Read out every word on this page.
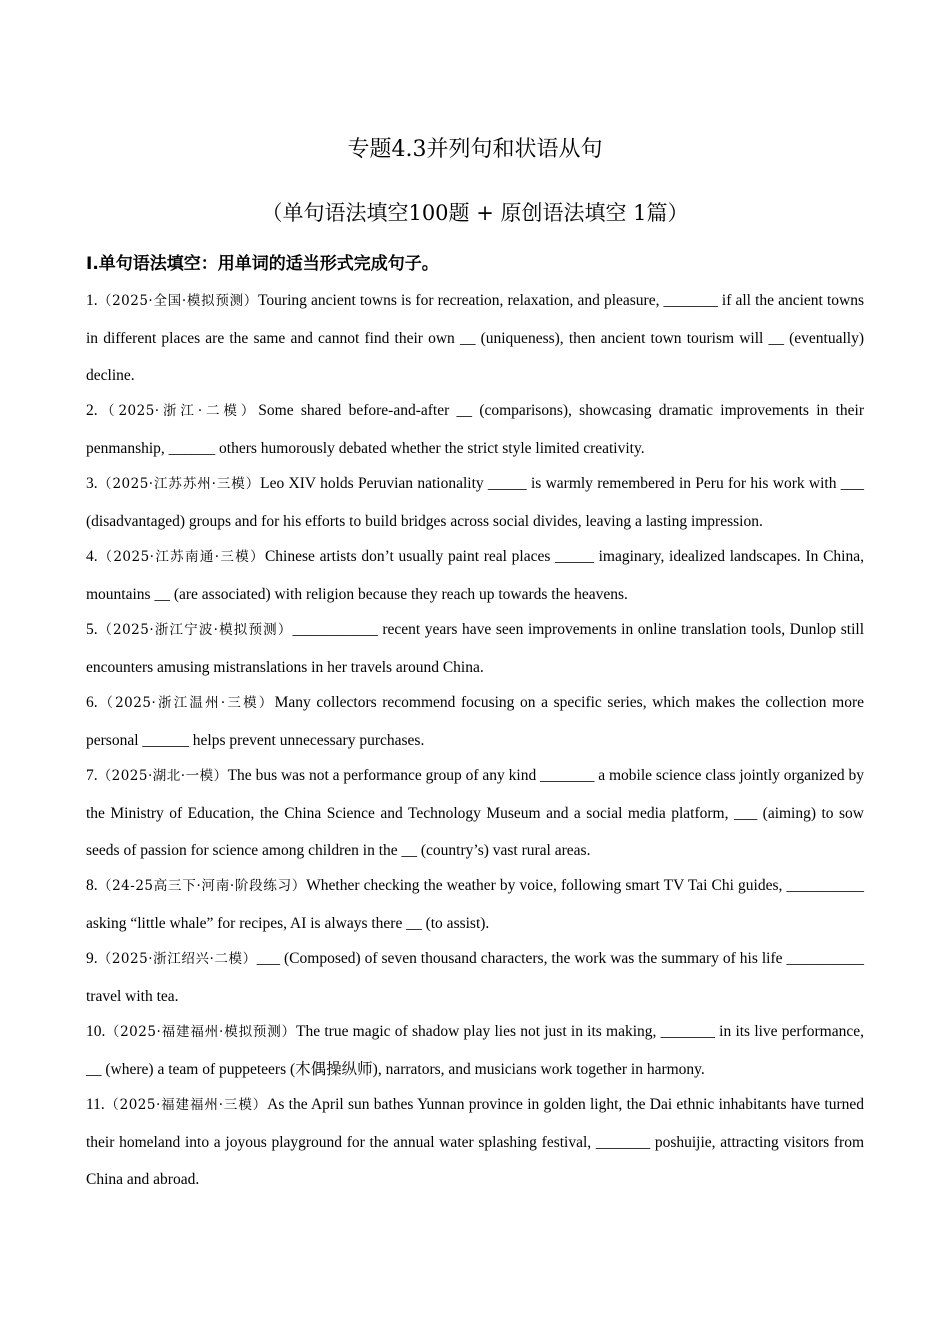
专题4.3并列句和状语从句
（单句语法填空100题 + 原创语法填空 1篇）
I.单句语法填空：用单词的适当形式完成句子。

1.（2025·全国·模拟预测）Touring ancient towns is for recreation, relaxation, and pleasure, _______ if all the ancient towns in different places are the same and cannot find their own __ (uniqueness), then ancient town tourism will __ (eventually) decline.

2.（2025·浙江·二模）Some shared before-and-after __ (comparisons), showcasing dramatic improvements in their penmanship, ______ others humorously debated whether the strict style limited creativity.

3.（2025·江苏苏州·三模）Leo XIV holds Peruvian nationality _____ is warmly remembered in Peru for his work with ___ (disadvantaged) groups and for his efforts to build bridges across social divides, leaving a lasting impression.

4.（2025·江苏南通·三模）Chinese artists don’t usually paint real places _____ imaginary, idealized landscapes. In China, mountains __ (are associated) with religion because they reach up towards the heavens.

5.（2025·浙江宁波·模拟预测）___________ recent years have seen improvements in online translation tools, Dunlop still encounters amusing mistranslations in her travels around China.

6.（2025·浙江温州·三模）Many collectors recommend focusing on a specific series, which makes the collection more personal ______ helps prevent unnecessary purchases.

7.（2025·湖北·一模）The bus was not a performance group of any kind _______ a mobile science class jointly organized by the Ministry of Education, the China Science and Technology Museum and a social media platform, ___ (aiming) to sow seeds of passion for science among children in the __ (country’s) vast rural areas.

8.（24-25高三下·河南·阶段练习）Whether checking the weather by voice, following smart TV Tai Chi guides, __________ asking “little whale” for recipes, AI is always there __ (to assist).

9.（2025·浙江绍兴·二模）___ (Composed) of seven thousand characters, the work was the summary of his life __________ travel with tea.

10.（2025·福建福州·模拟预测）The true magic of shadow play lies not just in its making, _______ in its live performance, __ (where) a team of puppeteers (木偶操纵师), narrators, and musicians work together in harmony.

11.（2025·福建福州·三模）As the April sun bathes Yunnan province in golden light, the Dai ethnic inhabitants have turned their homeland into a joyous playground for the annual water splashing festival, _______ poshuijie, attracting visitors from China and abroad.
